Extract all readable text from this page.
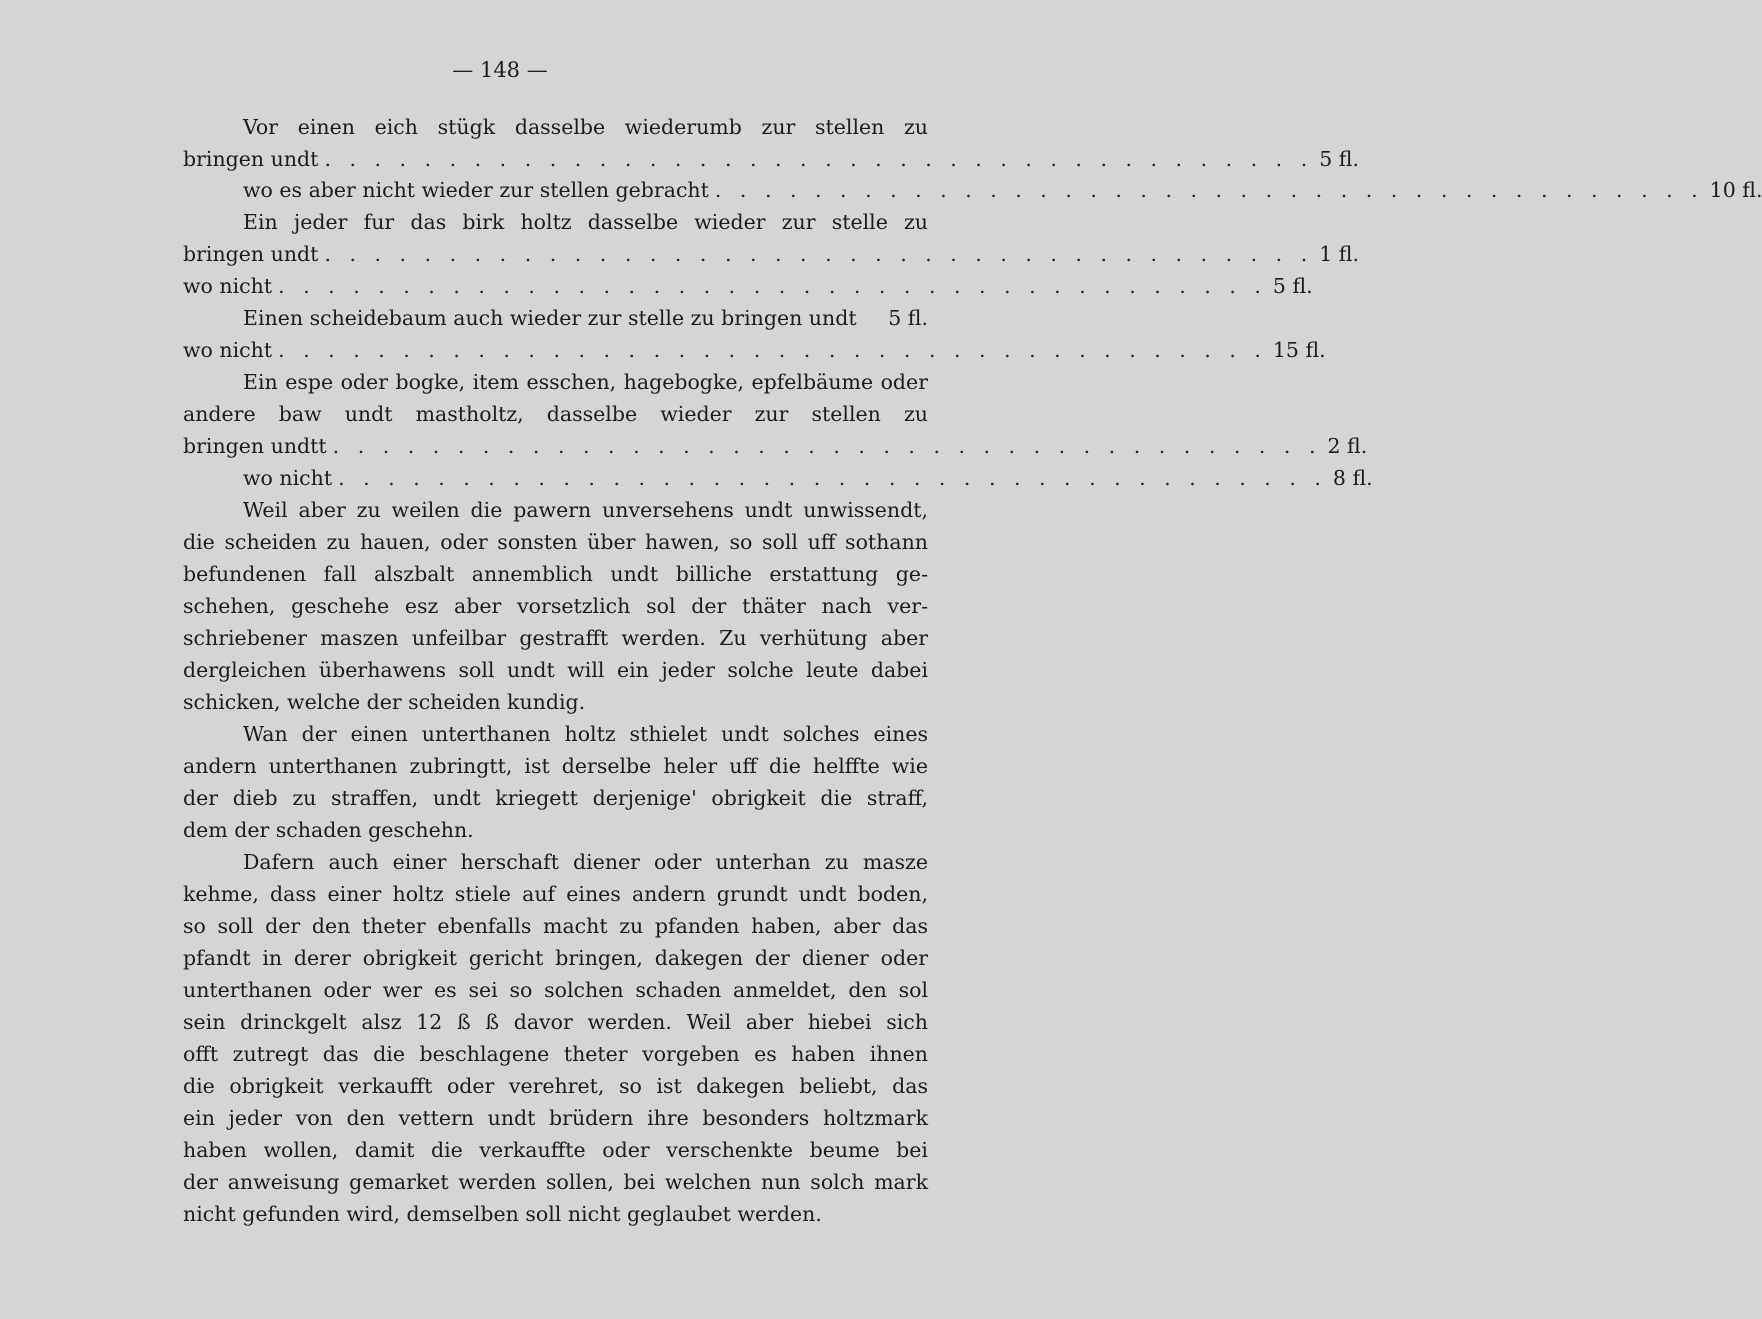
— 148 —
Vor einen eich stügk dasselbe wiederumb zur stellen zu
bringen undt . . . . . . . . . . . . . . . . . . . . . . . . . . . . . . . . . . . . . . . . 5 fl.
wo es aber nicht wieder zur stellen gebracht . . . . . . . . . . . . . . . . . . . . . . . . . . . . . . . . . . . . . . . . 10 fl.
Ein jeder fur das birk holtz dasselbe wieder zur stelle zu
bringen undt . . . . . . . . . . . . . . . . . . . . . . . . . . . . . . . . . . . . . . . . 1 fl.
wo nicht . . . . . . . . . . . . . . . . . . . . . . . . . . . . . . . . . . . . . . . . 5 fl.
Einen scheidebaum auch wieder zur stelle zu bringen undt 5 fl.
wo nicht . . . . . . . . . . . . . . . . . . . . . . . . . . . . . . . . . . . . . . . . 15 fl.
Ein espe oder bogke, item esschen, hagebogke, epfelbäume oder
andere baw undt mastholtz, dasselbe wieder zur stellen zu
bringen undtt . . . . . . . . . . . . . . . . . . . . . . . . . . . . . . . . . . . . . . . . 2 fl.
wo nicht . . . . . . . . . . . . . . . . . . . . . . . . . . . . . . . . . . . . . . . . 8 fl.
Weil aber zu weilen die pawern unversehens undt unwissendt,
die scheiden zu hauen, oder sonsten über hawen, so soll uff sothann
befundenen fall alszbalt annemblich undt billiche erstattung ge-
schehen, geschehe esz aber vorsetzlich sol der thäter nach ver-
schriebener maszen unfeilbar gestrafft werden. Zu verhütung aber
dergleichen überhawens soll undt will ein jeder solche leute dabei
schicken, welche der scheiden kundig.
Wan der einen unterthanen holtz sthielet undt solches eines
andern unterthanen zubringtt, ist derselbe heler uff die helffte wie
der dieb zu straffen, undt kriegett derjenige' obrigkeit die straff,
dem der schaden geschehn.
Dafern auch einer herschaft diener oder unterhan zu masze
kehme, dass einer holtz stiele auf eines andern grundt undt boden,
so soll der den theter ebenfalls macht zu pfanden haben, aber das
pfandt in derer obrigkeit gericht bringen, dakegen der diener oder
unterthanen oder wer es sei so solchen schaden anmeldet, den sol
sein drinckgelt alsz 12 ß ß davor werden. Weil aber hiebei sich
offt zutregt das die beschlagene theter vorgeben es haben ihnen
die obrigkeit verkaufft oder verehret, so ist dakegen beliebt, das
ein jeder von den vettern undt brüdern ihre besonders holtzmark
haben wollen, damit die verkauffte oder verschenkte beume bei
der anweisung gemarket werden sollen, bei welchen nun solch mark
nicht gefunden wird, demselben soll nicht geglaubet werden.
